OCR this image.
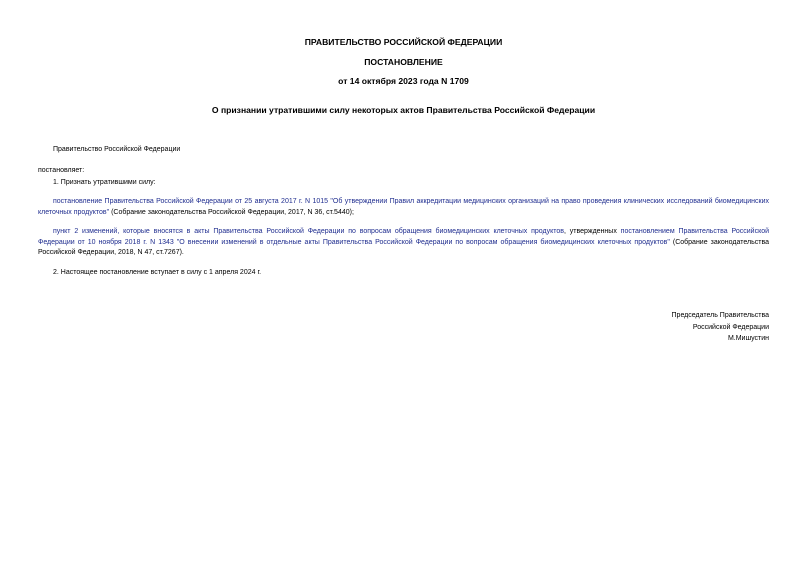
ПРАВИТЕЛЬСТВО РОССИЙСКОЙ ФЕДЕРАЦИИ
ПОСТАНОВЛЕНИЕ
от 14 октября 2023 года N 1709
О признании утратившими силу некоторых актов Правительства Российской Федерации
Правительство Российской Федерации
постановляет:
1. Признать утратившими силу:
постановление Правительства Российской Федерации от 25 августа 2017 г. N 1015 "Об утверждении Правил аккредитации медицинских организаций на право проведения клинических исследований биомедицинских клеточных продуктов" (Собрание законодательства Российской Федерации, 2017, N 36, ст.5440);
пункт 2 изменений, которые вносятся в акты Правительства Российской Федерации по вопросам обращения биомедицинских клеточных продуктов, утвержденных постановлением Правительства Российской Федерации от 10 ноября 2018 г. N 1343 "О внесении изменений в отдельные акты Правительства Российской Федерации по вопросам обращения биомедицинских клеточных продуктов" (Собрание законодательства Российской Федерации, 2018, N 47, ст.7267).
2. Настоящее постановление вступает в силу с 1 апреля 2024 г.
Председатель Правительства
Российской Федерации
М.Мишустин
